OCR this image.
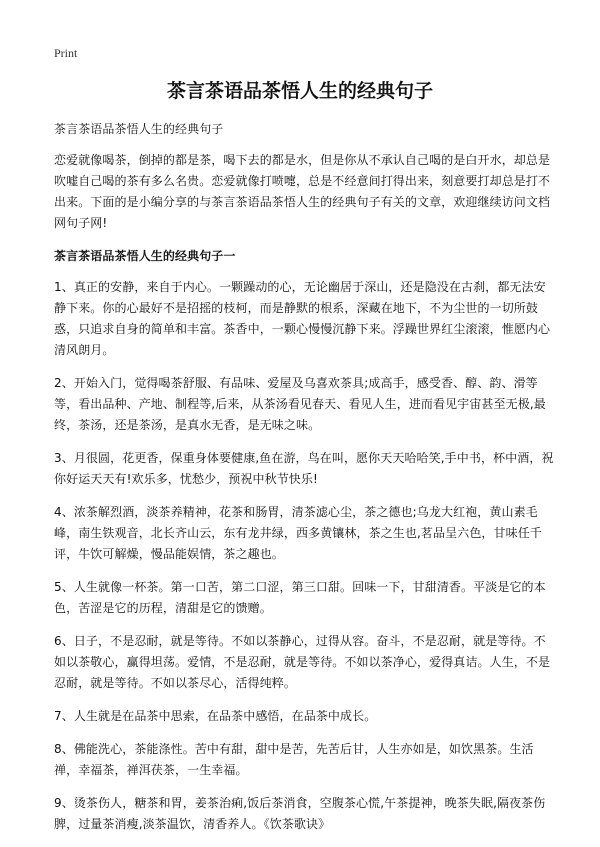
Print
茶言茶语品茶悟人生的经典句子

茶言茶语品茶悟人生的经典句子

恋爱就像喝茶，倒掉的都是茶，喝下去的都是水，但是你从不承认自己喝的是白开水，却总是吹嘘自己喝的茶有多么名贵。恋爱就像打喷嚏，总是不经意间打得出来，刻意要打却总是打不出来。下面的是小编分享的与茶言茶语品茶悟人生的经典句子有关的文章，欢迎继续访问文档网句子网!

茶言茶语品茶悟人生的经典句子一

1、真正的安静，来自于内心。一颗躁动的心，无论幽居于深山，还是隐没在古刹，都无法安静下来。你的心最好不是招摇的枝柯，而是静默的根系，深藏在地下，不为尘世的一切所鼓惑，只追求自身的简单和丰富。茶香中，一颗心慢慢沉静下来。浮躁世界红尘滚滚，惟愿内心清风朗月。

2、开始入门，觉得喝茶舒服、有品味、爱屋及乌喜欢茶具;成高手，感受香、醇、韵、滑等等，看出品种、产地、制程等,后来，从茶汤看见春天、看见人生，进而看见宇宙甚至无极,最终，茶汤，还是茶汤，是真水无香，是无味之味。

3、月很圆，花更香，保重身体要健康,鱼在游，鸟在叫，愿你天天哈哈笑,手中书，杯中酒，祝你好运天天有!欢乐多，忧愁少，预祝中秋节快乐!

4、浓茶解烈酒，淡茶养精神，花茶和肠胃，清茶滤心尘，茶之德也;乌龙大红袍，黄山素毛峰，南生铁观音，北长齐山云，东有龙井绿，西多黄镶林，茶之生也,茗品呈六色，甘味任千评，牛饮可解燥，慢品能娱情，茶之趣也。

5、人生就像一杯茶。第一口苦，第二口涩，第三口甜。回味一下，甘甜清香。平淡是它的本色，苦涩是它的历程，清甜是它的馈赠。

6、日子，不是忍耐，就是等待。不如以茶静心，过得从容。奋斗，不是忍耐，就是等待。不如以茶敬心，赢得坦荡。爱情，不是忍耐，就是等待。不如以茶净心，爱得真诘。人生，不是忍耐，就是等待。不如以茶尽心，活得纯粹。

7、人生就是在品茶中思索，在品茶中感悟，在品茶中成长。

8、佛能洗心，茶能涤性。苦中有甜，甜中是苦，先苦后甘，人生亦如是，如饮黑茶。生活禅，幸福茶，禅洱茯茶，一生幸福。

9、烫茶伤人，糖茶和胃，姜茶治痢,饭后茶消食，空腹茶心慌,午茶提神，晚茶失眠,隔夜茶伤脾，过量茶消瘦,淡茶温饮，清香养人。《饮茶歌诀》
